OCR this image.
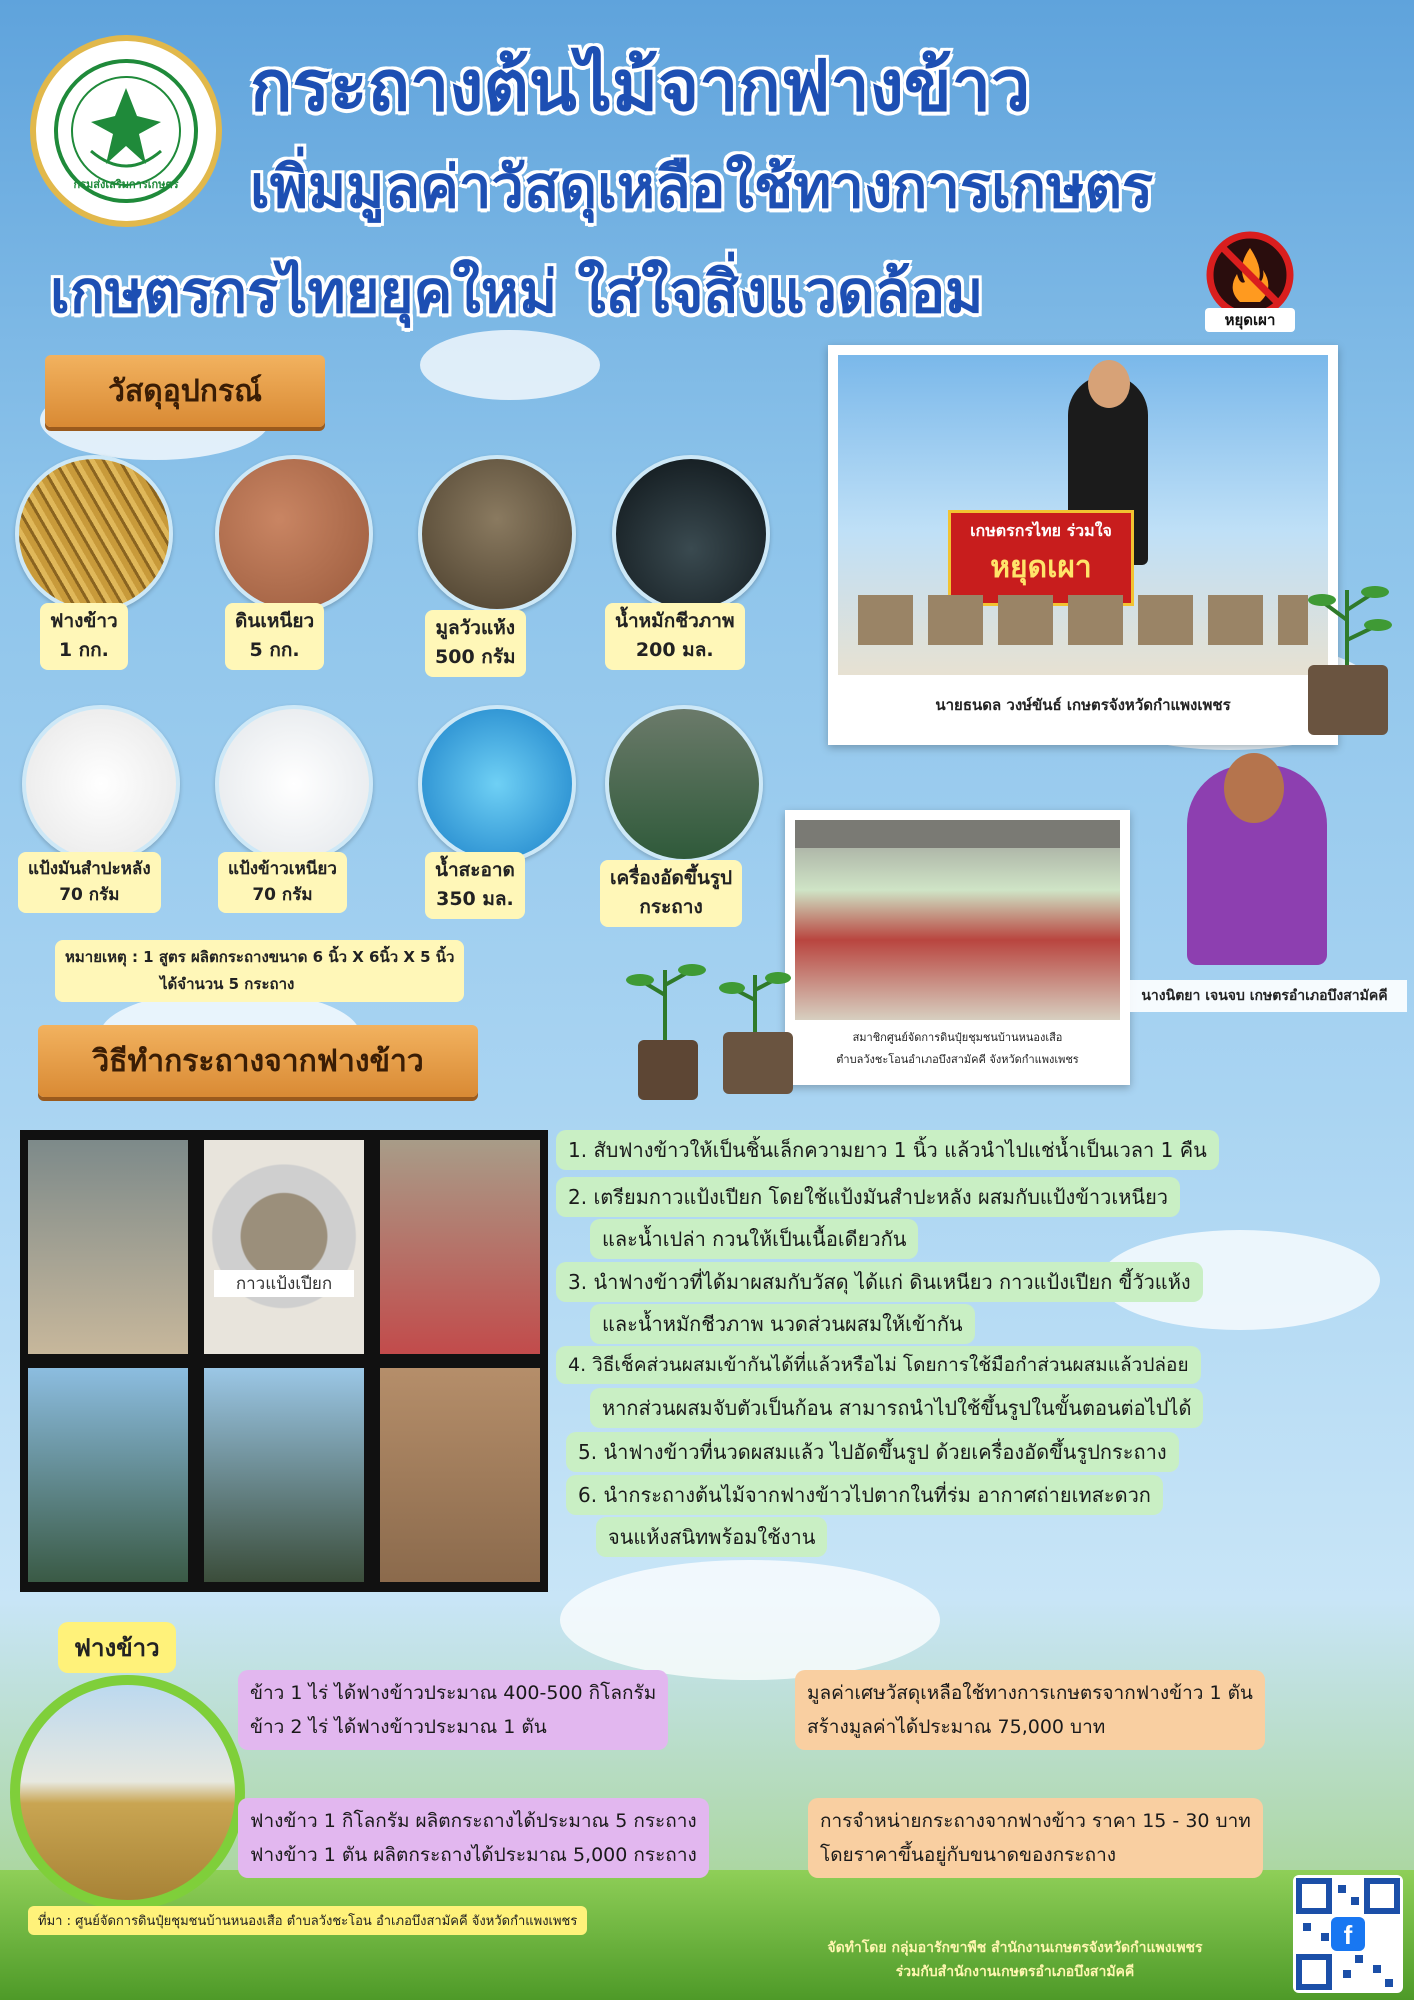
กรมส่งเสริมการเกษตร
กระถางต้นไม้จากฟางข้าว
เพิ่มมูลค่าวัสดุเหลือใช้ทางการเกษตร
เกษตรกรไทยยุคใหม่ ใส่ใจสิ่งแวดล้อม	หยุดเผา
วัสดุอุปกรณ์
ฟางข้าว
1 กก.
ดินเหนียว
5 กก.
มูลวัวแห้ง
500 กรัม
น้ำหมักชีวภาพ
200 มล.
แป้งมันสำปะหลัง
70 กรัม
แป้งข้าวเหนียว
70 กรัม
น้ำสะอาด
350 มล.
เครื่องอัดขึ้นรูป
กระถาง
หมายเหตุ : 1 สูตร ผลิตกระถางขนาด 6 นิ้ว X 6นิ้ว X 5 นิ้ว
ได้จำนวน 5 กระถาง
เกษตรกรไทย ร่วมใจ
หยุดเผา
นายธนดล วงษ์ขันธ์ เกษตรจังหวัดกำแพงเพชร
สมาชิกศูนย์จัดการดินปุ๋ยชุมชนบ้านหนองเสือ
ตำบลวังชะโอนอำเภอบึงสามัคคี จังหวัดกำแพงเพชร
นางนิตยา เจนจบ เกษตรอำเภอบึงสามัคคี
วิธีทำกระถางจากฟางข้าว
กาวแป้งเปียก
1. สับฟางข้าวให้เป็นชิ้นเล็กความยาว 1 นิ้ว แล้วนำไปแช่น้ำเป็นเวลา 1 คืน
2. เตรียมกาวแป้งเปียก โดยใช้แป้งมันสำปะหลัง ผสมกับแป้งข้าวเหนียว
และน้ำเปล่า กวนให้เป็นเนื้อเดียวกัน
3. นำฟางข้าวที่ได้มาผสมกับวัสดุ ได้แก่ ดินเหนียว กาวแป้งเปียก ขี้วัวแห้ง
และน้ำหมักชีวภาพ นวดส่วนผสมให้เข้ากัน
4. วิธีเช็คส่วนผสมเข้ากันได้ที่แล้วหรือไม่ โดยการใช้มือกำส่วนผสมแล้วปล่อย
หากส่วนผสมจับตัวเป็นก้อน สามารถนำไปใช้ขึ้นรูปในขั้นตอนต่อไปได้
5. นำฟางข้าวที่นวดผสมแล้ว ไปอัดขึ้นรูป ด้วยเครื่องอัดขึ้นรูปกระถาง
6. นำกระถางต้นไม้จากฟางข้าวไปตากในที่ร่ม อากาศถ่ายเทสะดวก
จนแห้งสนิทพร้อมใช้งาน
ฟางข้าว
ข้าว 1 ไร่ ได้ฟางข้าวประมาณ 400-500 กิโลกรัม
ข้าว 2 ไร่ ได้ฟางข้าวประมาณ 1 ตัน
ฟางข้าว 1 กิโลกรัม ผลิตกระถางได้ประมาณ 5 กระถาง
ฟางข้าว 1 ตัน ผลิตกระถางได้ประมาณ 5,000 กระถาง
มูลค่าเศษวัสดุเหลือใช้ทางการเกษตรจากฟางข้าว 1 ตัน
สร้างมูลค่าได้ประมาณ 75,000 บาท
การจำหน่ายกระถางจากฟางข้าว ราคา 15 - 30 บาท
โดยราคาขึ้นอยู่กับขนาดของกระถาง
ที่มา : ศูนย์จัดการดินปุ๋ยชุมชนบ้านหนองเสือ ตำบลวังชะโอน อำเภอบึงสามัคคี จังหวัดกำแพงเพชร
จัดทำโดย กลุ่มอารักขาพืช สำนักงานเกษตรจังหวัดกำแพงเพชร
ร่วมกับสำนักงานเกษตรอำเภอบึงสามัคคี
f
